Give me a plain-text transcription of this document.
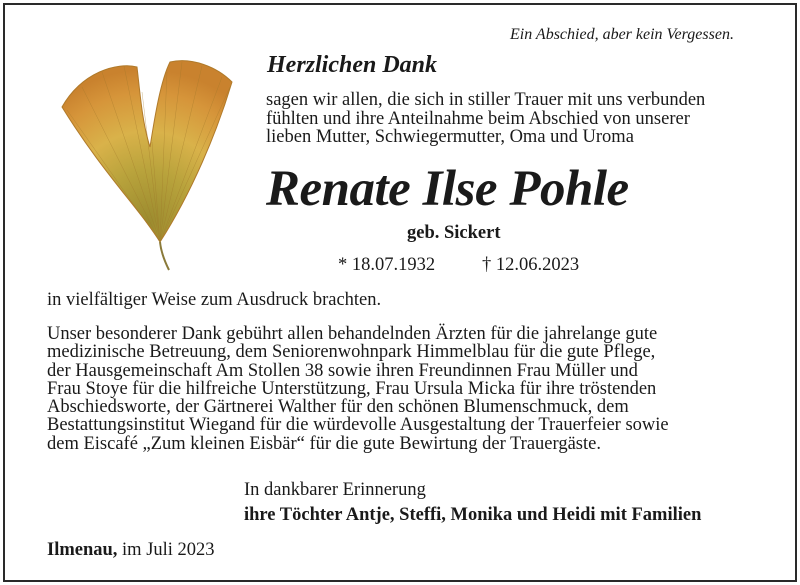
Ein Abschied, aber kein Vergessen.
Herzlichen Dank
sagen wir allen, die sich in stiller Trauer mit uns verbunden
fühlten und ihre Anteilnahme beim Abschied von unserer
lieben Mutter, Schwiegermutter, Oma und Uroma
Renate Ilse Pohle
geb. Sickert
* 18.07.1932	† 12.06.2023
in vielfältiger Weise zum Ausdruck brachten.
Unser besonderer Dank gebührt allen behandelnden Ärzten für die jahrelange gute
medizinische Betreuung, dem Seniorenwohnpark Himmelblau für die gute Pflege,
der Hausgemeinschaft Am Stollen 38 sowie ihren Freundinnen Frau Müller und
Frau Stoye für die hilfreiche Unterstützung, Frau Ursula Micka für ihre tröstenden
Abschiedsworte, der Gärtnerei Walther für den schönen Blumenschmuck, dem
Bestattungsinstitut Wiegand für die würdevolle Ausgestaltung der Trauerfeier sowie
dem Eiscafé „Zum kleinen Eisbär“ für die gute Bewirtung der Trauergäste.
In dankbarer Erinnerung
ihre Töchter Antje, Steffi, Monika und Heidi mit Familien
Ilmenau, im Juli 2023
